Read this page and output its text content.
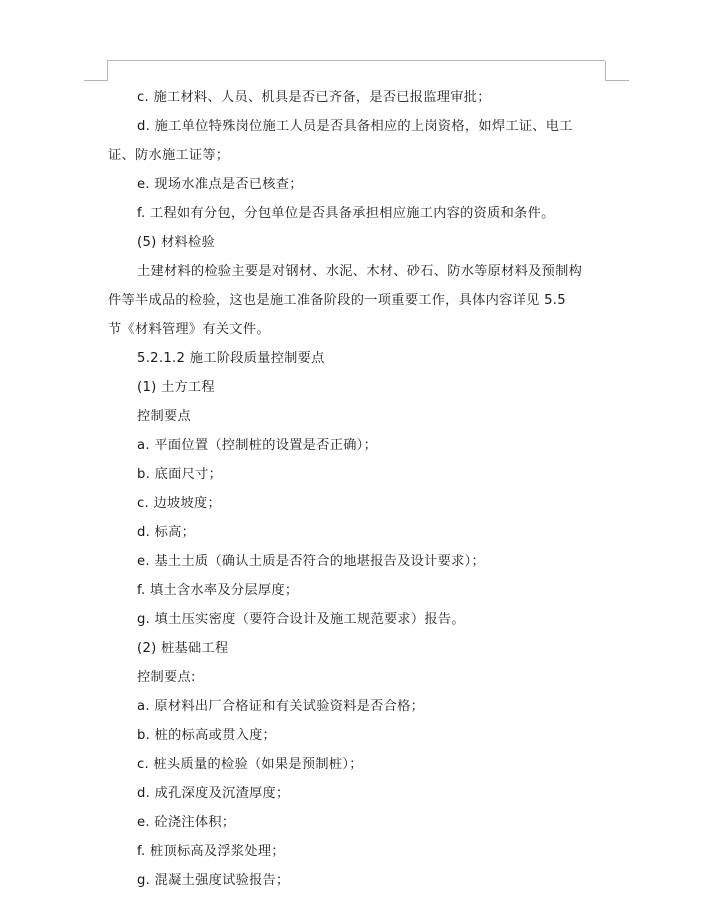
c. 施工材料、人员、机具是否已齐备，是否已报监理审批；
d. 施工单位特殊岗位施工人员是否具备相应的上岗资格，如焊工证、电工
证、防水施工证等；
e. 现场水准点是否已核查；
f. 工程如有分包，分包单位是否具备承担相应施工内容的资质和条件。
(5) 材料检验
土建材料的检验主要是对钢材、水泥、木材、砂石、防水等原材料及预制构
件等半成品的检验，这也是施工准备阶段的一项重要工作，具体内容详见 5.5
节《材料管理》有关文件。
5.2.1.2 施工阶段质量控制要点
(1) 土方工程
控制要点
a. 平面位置（控制桩的设置是否正确）；
b. 底面尺寸；
c. 边坡坡度；
d. 标高；
e. 基土土质（确认土质是否符合的地堪报告及设计要求）；
f. 填土含水率及分层厚度；
g. 填土压实密度（要符合设计及施工规范要求）报告。
(2) 桩基础工程
控制要点:
a. 原材料出厂合格证和有关试验资料是否合格；
b. 桩的标高或贯入度；
c. 桩头质量的检验（如果是预制桩）；
d. 成孔深度及沉渣厚度；
e. 砼浇注体积；
f. 桩顶标高及浮浆处理；
g. 混凝土强度试验报告；
